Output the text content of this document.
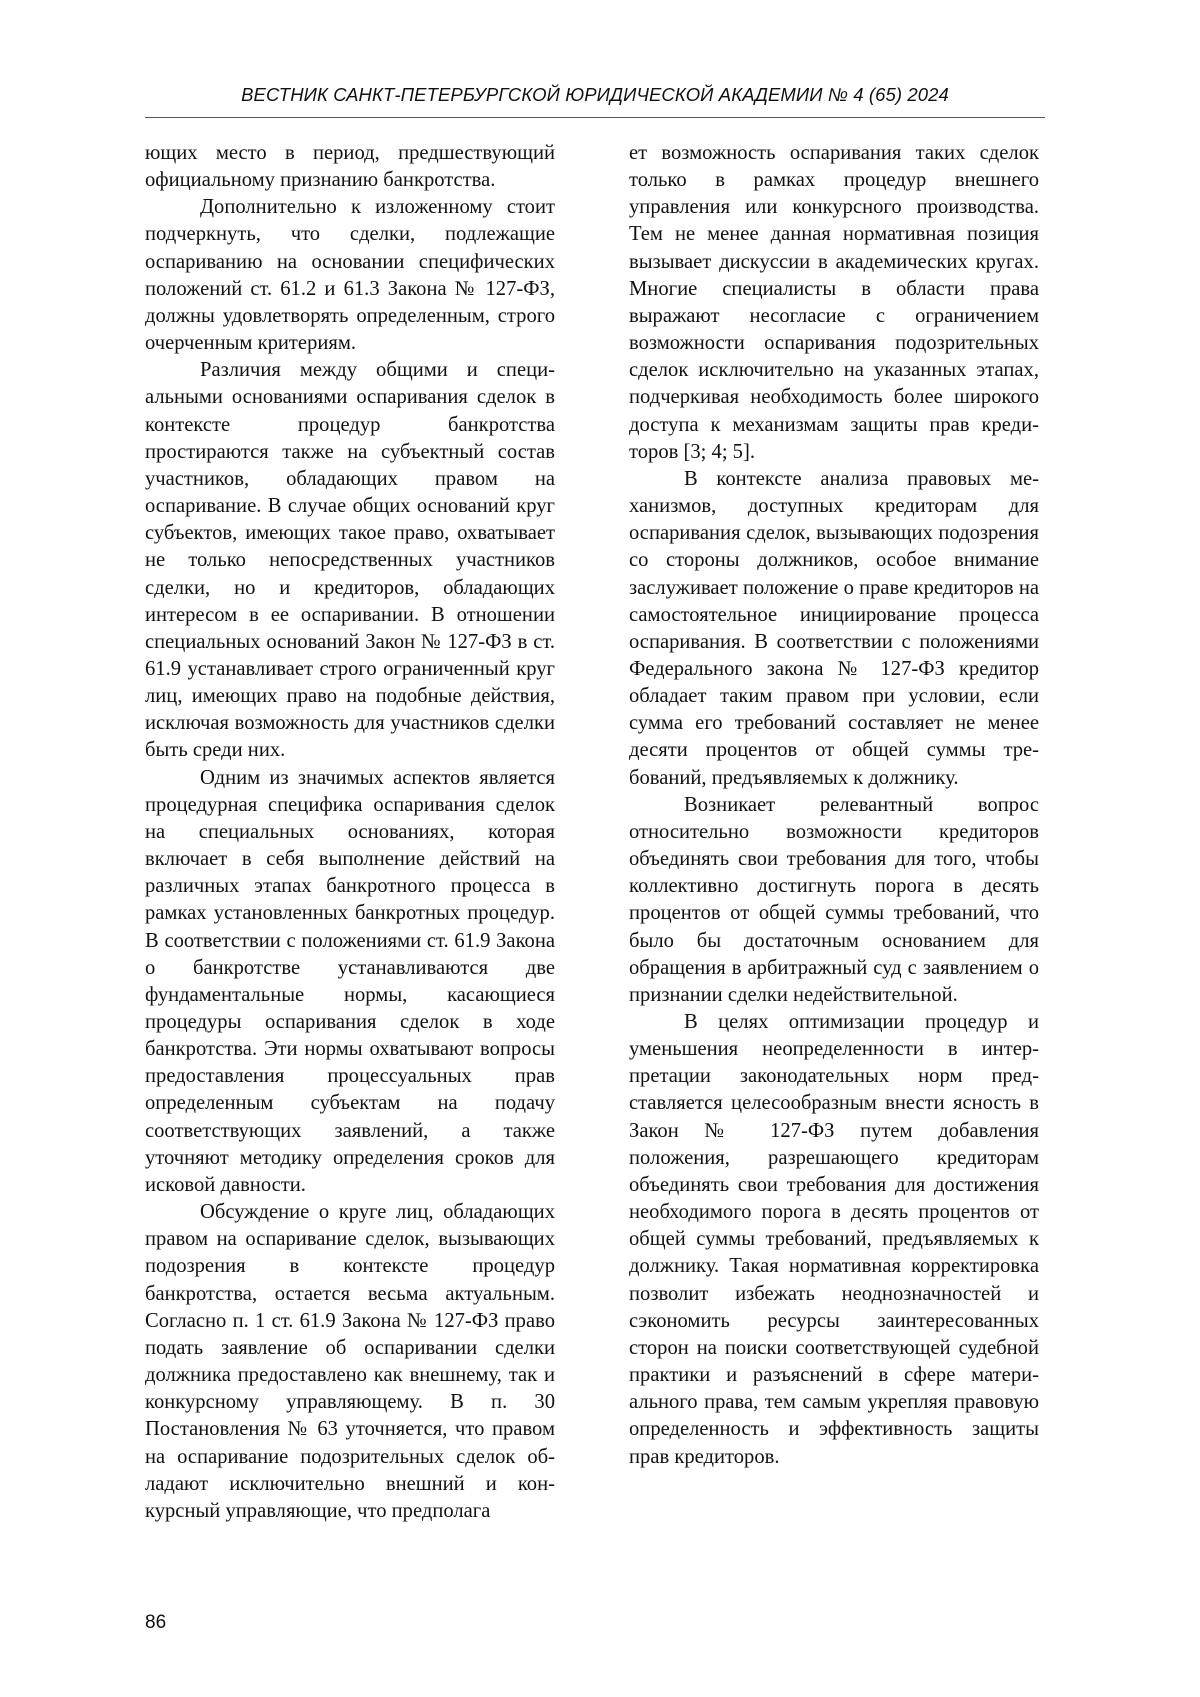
ВЕСТНИК САНКТ-ПЕТЕРБУРГСКОЙ ЮРИДИЧЕСКОЙ АКАДЕМИИ № 4 (65) 2024

ющих место в период, предшествующий официальному признанию банкротства.

Дополнительно к изложенному стоит подчеркнуть, что сделки, подлежащие оспариванию на основании специфических положений ст. 61.2 и 61.3 Закона № 127-ФЗ, должны удовлетворять определенным, строго очерченным критериям.

Различия между общими и специальными основаниями оспаривания сделок в контексте процедур банкротства простираются также на субъектный состав участников, обладающих правом на оспаривание. В случае общих оснований круг субъектов, имеющих такое право, охватывает не только непосредственных участников сделки, но и кредиторов, обладающих интересом в ее оспаривании. В отношении специальных оснований Закон № 127-ФЗ в ст. 61.9 устанавливает строго ограниченный круг лиц, имеющих право на подобные действия, исключая возможность для участников сделки быть среди них.

Одним из значимых аспектов является процедурная специфика оспаривания сделок на специальных основаниях, которая включает в себя выполнение действий на различных этапах банкротного процесса в рамках установленных банкротных процедур. В соответствии с положениями ст. 61.9 Закона о банкротстве устанавливаются две фундаментальные нормы, касающиеся процедуры оспаривания сделок в ходе банкротства. Эти нормы охватывают вопросы предоставления процессуальных прав определенным субъектам на подачу соответствующих заявлений, а также уточняют методику определения сроков для исковой давности.

Обсуждение о круге лиц, обладающих правом на оспаривание сделок, вызывающих подозрения в контексте процедур банкротства, остается весьма актуальным. Согласно п. 1 ст. 61.9 Закона № 127-ФЗ право подать заявление об оспаривании сделки должника предоставлено как внешнему, так и конкурсному управляющему. В п. 30 Постановления № 63 уточняется, что правом на оспаривание подозрительных сделок обладают исключительно внешний и конкурсный управляющие, что предполага

ет возможность оспаривания таких сделок только в рамках процедур внешнего управления или конкурсного производства. Тем не менее данная нормативная позиция вызывает дискуссии в академических кругах. Многие специалисты в области права выражают несогласие с ограничением возможности оспаривания подозрительных сделок исключительно на указанных этапах, подчеркивая необходимость более широкого доступа к механизмам защиты прав кредиторов [3; 4; 5].

В контексте анализа правовых механизмов, доступных кредиторам для оспаривания сделок, вызывающих подозрения со стороны должников, особое внимание заслуживает положение о праве кредиторов на самостоятельное инициирование процесса оспаривания. В соответствии с положениями Федерального закона № 127-ФЗ кредитор обладает таким правом при условии, если сумма его требований составляет не менее десяти процентов от общей суммы требований, предъявляемых к должнику.

Возникает релевантный вопрос относительно возможности кредиторов объединять свои требования для того, чтобы коллективно достигнуть порога в десять процентов от общей суммы требований, что было бы достаточным основанием для обращения в арбитражный суд с заявлением о признании сделки недействительной.

В целях оптимизации процедур и уменьшения неопределенности в интерпретации законодательных норм представляется целесообразным внести ясность в Закон № 127-ФЗ путем добавления положения, разрешающего кредиторам объединять свои требования для достижения необходимого порога в десять процентов от общей суммы требований, предъявляемых к должнику. Такая нормативная корректировка позволит избежать неоднозначностей и сэкономить ресурсы заинтересованных сторон на поиски соответствующей судебной практики и разъяснений в сфере материального права, тем самым укрепляя правовую определенность и эффективность защиты прав кредиторов.

86
